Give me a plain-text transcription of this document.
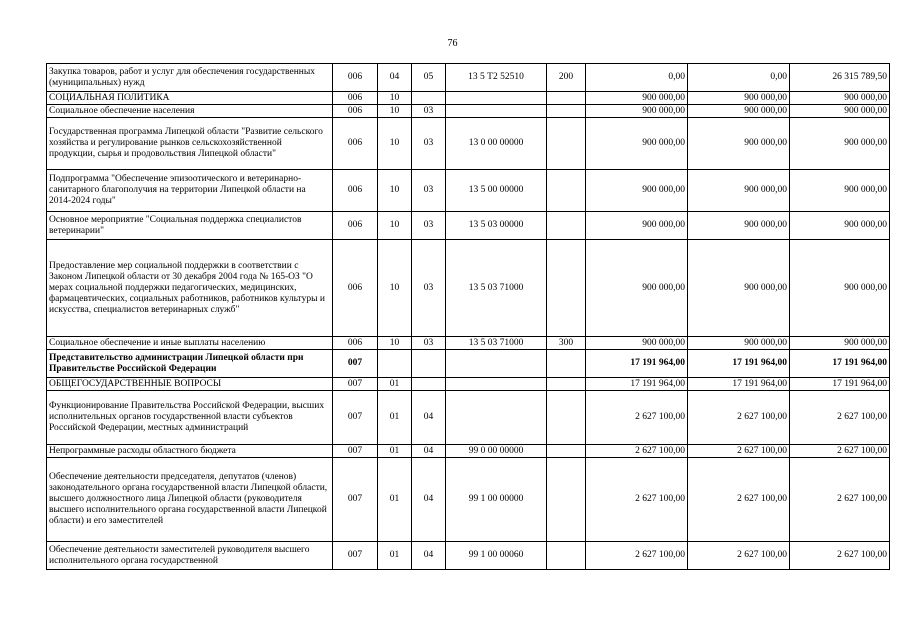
76
Закупка товаров, работ и услуг для обеспечения государственных (муниципальных) нужд	006	04	05	13 5 Т2 52510	200	0,00	0,00	26 315 789,50
СОЦИАЛЬНАЯ ПОЛИТИКА	006	10				900 000,00	900 000,00	900 000,00
Социальное обеспечение населения	006	10	03			900 000,00	900 000,00	900 000,00
Государственная программа Липецкой области "Развитие сельского хозяйства и регулирование рынков сельскохозяйственной продукции, сырья и продовольствия Липецкой области"	006	10	03	13 0 00 00000		900 000,00	900 000,00	900 000,00
Подпрограмма "Обеспечение эпизоотического и ветеринарно-санитарного благополучия на территории Липецкой области на 2014-2024 годы"	006	10	03	13 5 00 00000		900 000,00	900 000,00	900 000,00
Основное мероприятие "Социальная поддержка специалистов ветеринарии"	006	10	03	13 5 03 00000		900 000,00	900 000,00	900 000,00
Предоставление мер социальной поддержки в соответствии с Законом Липецкой области от 30 декабря 2004 года № 165-ОЗ "О мерах социальной поддержки педагогических, медицинских, фармацевтических, социальных работников, работников культуры и искусства, специалистов ветеринарных служб"	006	10	03	13 5 03 71000		900 000,00	900 000,00	900 000,00
Социальное обеспечение и иные выплаты населению	006	10	03	13 5 03 71000	300	900 000,00	900 000,00	900 000,00
Представительство администрации Липецкой области при Правительстве Российской Федерации	007					17 191 964,00	17 191 964,00	17 191 964,00
ОБЩЕГОСУДАРСТВЕННЫЕ ВОПРОСЫ	007	01				17 191 964,00	17 191 964,00	17 191 964,00
Функционирование Правительства Российской Федерации, высших исполнительных органов государственной власти субъектов Российской Федерации, местных администраций	007	01	04			2 627 100,00	2 627 100,00	2 627 100,00
Непрограммные расходы областного бюджета	007	01	04	99 0 00 00000		2 627 100,00	2 627 100,00	2 627 100,00
Обеспечение деятельности председателя, депутатов (членов) законодательного органа государственной власти Липецкой области, высшего должностного лица Липецкой области (руководителя высшего исполнительного органа государственной власти Липецкой области) и его заместителей	007	01	04	99 1 00 00000		2 627 100,00	2 627 100,00	2 627 100,00
Обеспечение деятельности заместителей руководителя высшего исполнительного органа государственной	007	01	04	99 1 00 00060		2 627 100,00	2 627 100,00	2 627 100,00
